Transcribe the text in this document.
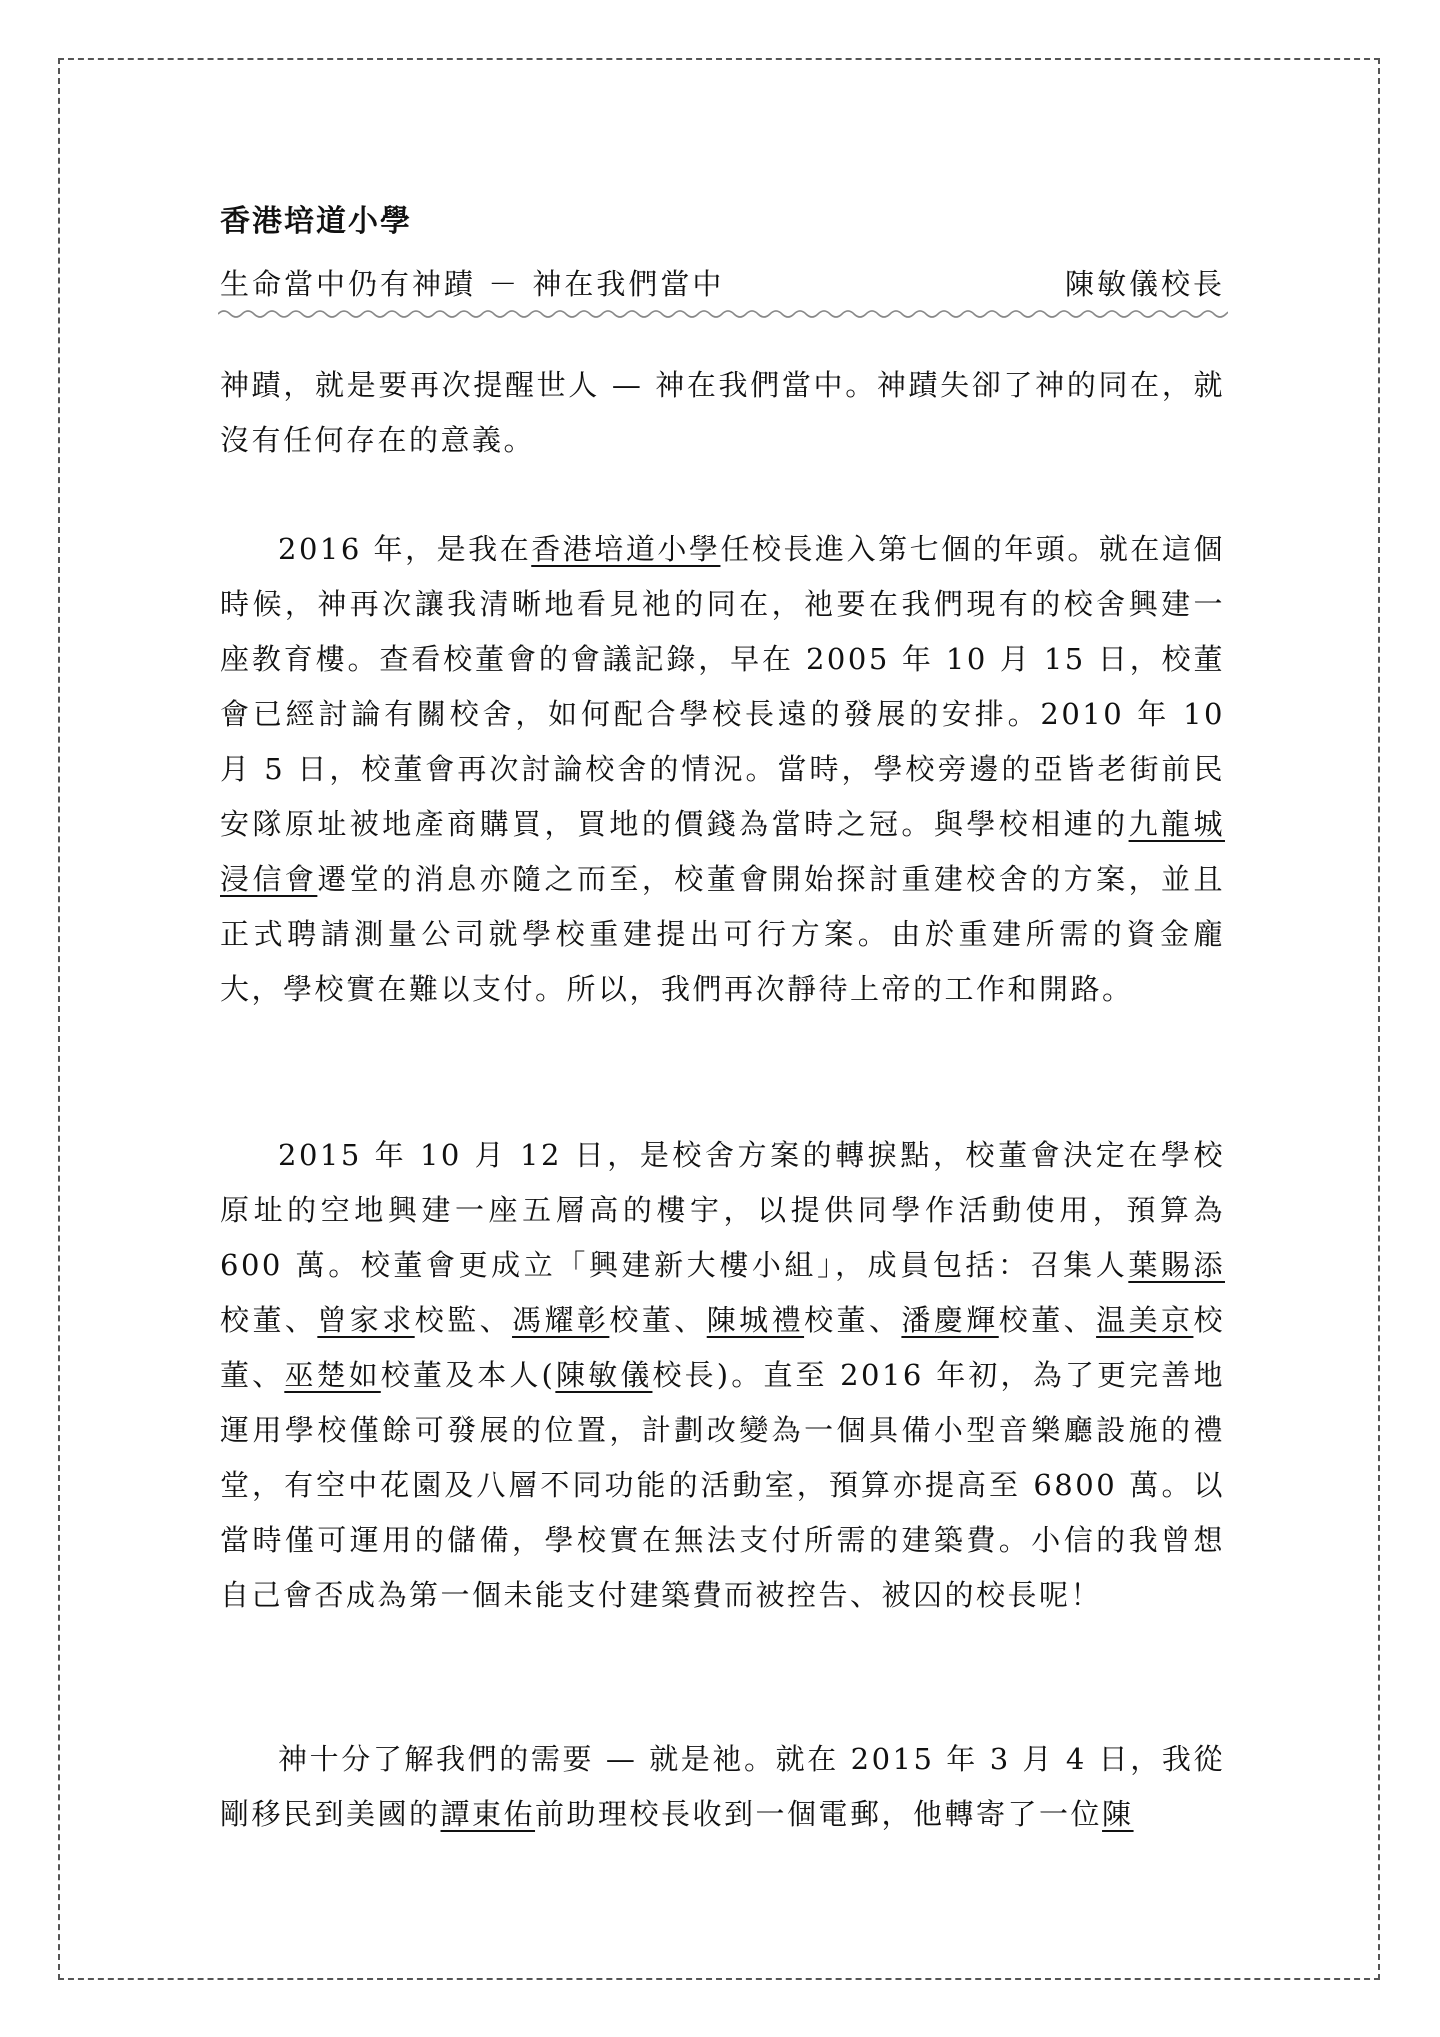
香港培道小學
生命當中仍有神蹟 － 神在我們當中	陳敏儀校長

神蹟，就是要再次提醒世人 — 神在我們當中。神蹟失卻了神的同在，就沒有任何存在的意義。

2016 年，是我在香港培道小學任校長進入第七個的年頭。就在這個時候，神再次讓我清晰地看見祂的同在，祂要在我們現有的校舍興建一座教育樓。查看校董會的會議記錄，早在 2005 年 10 月 15 日，校董會已經討論有關校舍，如何配合學校長遠的發展的安排。2010 年 10 月 5 日，校董會再次討論校舍的情況。當時，學校旁邊的亞皆老街前民安隊原址被地產商購買，買地的價錢為當時之冠。與學校相連的九龍城浸信會遷堂的消息亦隨之而至，校董會開始探討重建校舍的方案，並且正式聘請測量公司就學校重建提出可行方案。由於重建所需的資金龐大，學校實在難以支付。所以，我們再次靜待上帝的工作和開路。

2015 年 10 月 12 日，是校舍方案的轉捩點，校董會決定在學校原址的空地興建一座五層高的樓宇，以提供同學作活動使用，預算為 600 萬。校董會更成立「興建新大樓小組」，成員包括：召集人葉賜添校董、曾家求校監、馮耀彰校董、陳城禮校董、潘慶輝校董、温美京校董、巫楚如校董及本人(陳敏儀校長)。直至 2016 年初，為了更完善地運用學校僅餘可發展的位置，計劃改變為一個具備小型音樂廳設施的禮堂，有空中花園及八層不同功能的活動室，預算亦提高至 6800 萬。以當時僅可運用的儲備，學校實在無法支付所需的建築費。小信的我曾想自己會否成為第一個未能支付建築費而被控告、被囚的校長呢！

神十分了解我們的需要 — 就是祂。就在 2015 年 3 月 4 日，我從剛移民到美國的譚東佑前助理校長收到一個電郵，他轉寄了一位陳
